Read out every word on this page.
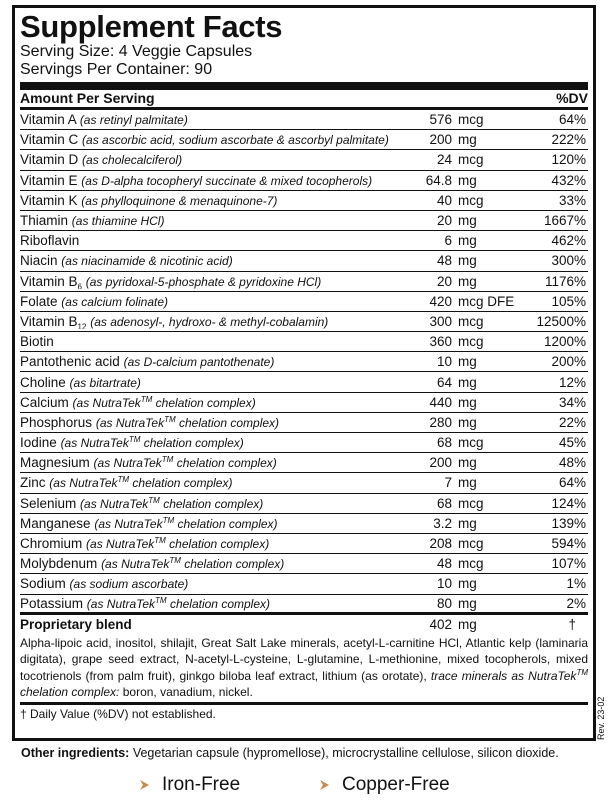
Supplement Facts
Serving Size: 4 Veggie Capsules
Servings Per Container: 90
Amount Per Serving	%DV
Vitamin A (as retinyl palmitate)	576 mcg	64%
Vitamin C (as ascorbic acid, sodium ascorbate & ascorbyl palmitate)	200 mg	222%
Vitamin D (as cholecalciferol)	24 mcg	120%
Vitamin E (as D-alpha tocopheryl succinate & mixed tocopherols)	64.8 mg	432%
Vitamin K (as phylloquinone & menaquinone-7)	40 mcg	33%
Thiamin (as thiamine HCl)	20 mg	1667%
Riboflavin	6 mg	462%
Niacin (as niacinamide & nicotinic acid)	48 mg	300%
Vitamin $B_6$ (as pyridoxal-5-phosphate & pyridoxine HCl)	20 mg	1176%
Folate (as calcium folinate)	420 mcg DFE	105%
Vitamin $B_{12}$ (as adenosyl-, hydroxo- & methyl-cobalamin)	300 mcg	12500%
Biotin	360 mcg	1200%
Pantothenic acid (as D-calcium pantothenate)	10 mg	200%
Choline (as bitartrate)	64 mg	12%
Calcium (as NutraTek™ chelation complex)	440 mg	34%
Phosphorus (as NutraTek™ chelation complex)	280 mg	22%
Iodine (as NutraTek™ chelation complex)	68 mcg	45%
Magnesium (as NutraTek™ chelation complex)	200 mg	48%
Zinc (as NutraTek™ chelation complex)	7 mg	64%
Selenium (as NutraTek™ chelation complex)	68 mcg	124%
Manganese (as NutraTek™ chelation complex)	3.2 mg	139%
Chromium (as NutraTek™ chelation complex)	208 mcg	594%
Molybdenum (as NutraTek™ chelation complex)	48 mcg	107%
Sodium (as sodium ascorbate)	10 mg	1%
Potassium (as NutraTek™ chelation complex)	80 mg	2%
Proprietary blend	402 mg	†
Alpha-lipoic acid, inositol, shilajit, Great Salt Lake minerals, acetyl-L-carnitine HCl, Atlantic kelp (laminaria digitata), grape seed extract, N-acetyl-L-cysteine, L-glutamine, L-methionine, mixed tocopherols, mixed tocotrienols (from palm fruit), ginkgo biloba leaf extract, lithium (as orotate), trace minerals as NutraTek™ chelation complex: boron, vanadium, nickel.
† Daily Value (%DV) not established.	Rev. 23-02
Other ingredients: Vegetarian capsule (hypromellose), microcrystalline cellulose, silicon dioxide.
Iron-Free	Copper-Free
